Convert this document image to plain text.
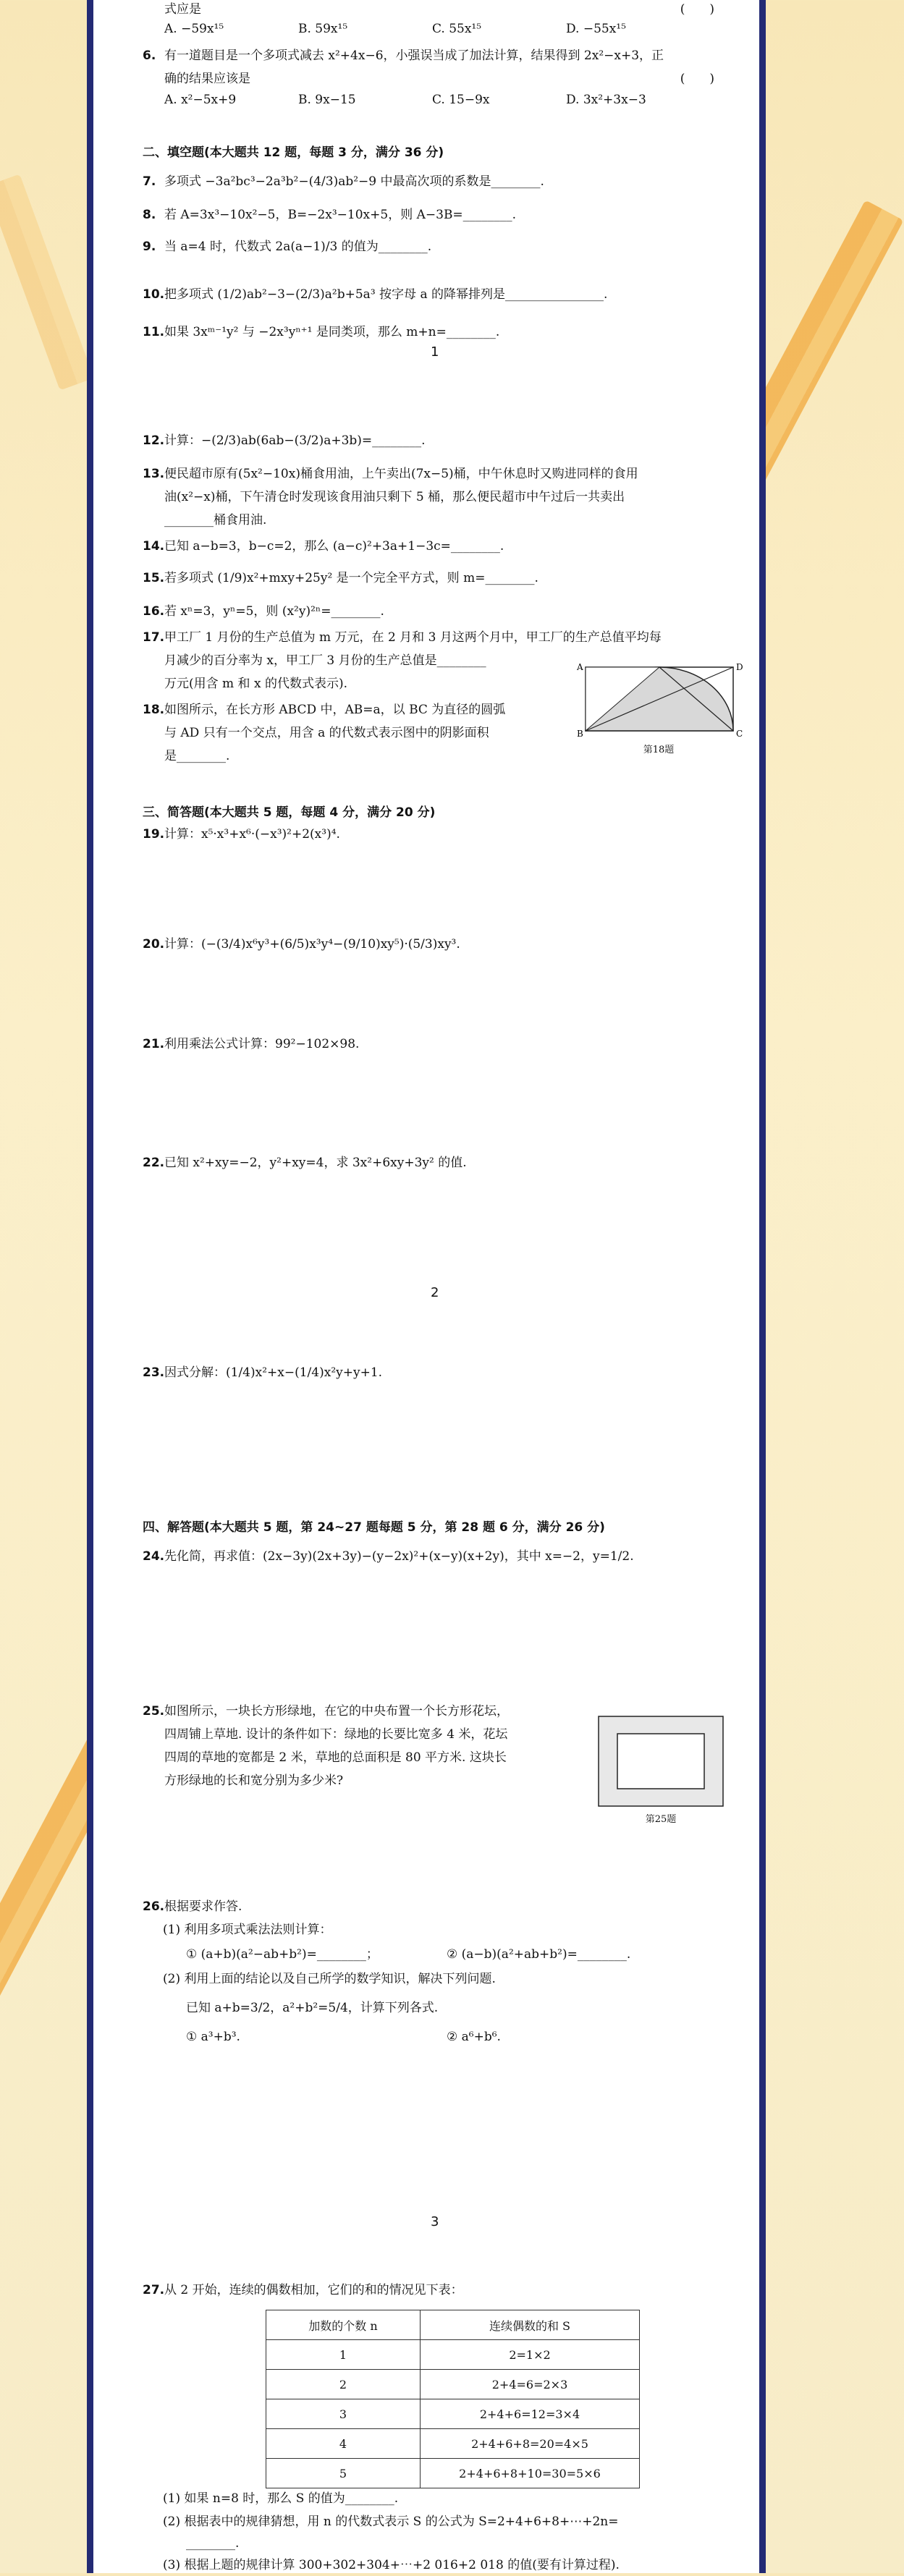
式应是	(　　)
A. −59x¹⁵	B. 59x¹⁵	C. 55x¹⁵	D. −55x¹⁵
6. 有一道题目是一个多项式减去 x²+4x−6，小强误当成了加法计算，结果得到 2x²−x+3，正
确的结果应该是	(　　)
A. x²−5x+9	B. 9x−15	C. 15−9x	D. 3x²+3x−3
二、填空题(本大题共 12 题，每题 3 分，满分 36 分)
7. 多项式 −3a²bc³−2a³b²−(4/3)ab²−9 中最高次项的系数是________.
8. 若 A=3x³−10x²−5，B=−2x³−10x+5，则 A−3B=________.
9. 当 a=4 时，代数式 2a(a−1)/3 的值为________.
10.把多项式 (1/2)ab²−3−(2/3)a²b+5a³ 按字母 a 的降幂排列是________________.
11.如果 3xᵐ⁻¹y² 与 −2x³yⁿ⁺¹ 是同类项，那么 m+n=________.
1
12.计算：−(2/3)ab(6ab−(3/2)a+3b)=________.
13.便民超市原有(5x²−10x)桶食用油，上午卖出(7x−5)桶，中午休息时又购进同样的食用
油(x²−x)桶，下午清仓时发现该食用油只剩下 5 桶，那么便民超市中午过后一共卖出
________桶食用油.
14.已知 a−b=3，b−c=2，那么 (a−c)²+3a+1−3c=________.
15.若多项式 (1/9)x²+mxy+25y² 是一个完全平方式，则 m=________.
16.若 xⁿ=3，yⁿ=5，则 (x²y)²ⁿ=________.
17.甲工厂 1 月份的生产总值为 m 万元，在 2 月和 3 月这两个月中，甲工厂的生产总值平均每
月减少的百分率为 x，甲工厂 3 月份的生产总值是________
万元(用含 m 和 x 的代数式表示).
18.如图所示，在长方形 ABCD 中，AB=a，以 BC 为直径的圆弧
与 AD 只有一个交点，用含 a 的代数式表示图中的阴影面积
是________.
A	D
B	C
第18题
三、简答题(本大题共 5 题，每题 4 分，满分 20 分)
19.计算：x⁵·x³+x⁶·(−x³)²+2(x³)⁴.
20.计算：(−(3/4)x⁶y³+(6/5)x³y⁴−(9/10)xy⁵)·(5/3)xy³.
21.利用乘法公式计算：99²−102×98.
22.已知 x²+xy=−2，y²+xy=4，求 3x²+6xy+3y² 的值.
2
23.因式分解：(1/4)x²+x−(1/4)x²y+y+1.
四、解答题(本大题共 5 题，第 24~27 题每题 5 分，第 28 题 6 分，满分 26 分)
24.先化简，再求值：(2x−3y)(2x+3y)−(y−2x)²+(x−y)(x+2y)，其中 x=−2，y=1/2.
25.如图所示，一块长方形绿地，在它的中央布置一个长方形花坛，
四周铺上草地. 设计的条件如下：绿地的长要比宽多 4 米，花坛
四周的草地的宽都是 2 米，草地的总面积是 80 平方米. 这块长
方形绿地的长和宽分别为多少米?
第25题
26.根据要求作答.
(1) 利用多项式乘法法则计算：
① (a+b)(a²−ab+b²)=________；	② (a−b)(a²+ab+b²)=________.
(2) 利用上面的结论以及自己所学的数学知识，解决下列问题.
已知 a+b=3/2，a²+b²=5/4，计算下列各式.
① a³+b³.	② a⁶+b⁶.
3
27.从 2 开始，连续的偶数相加，它们的和的情况见下表：
加数的个数 n	连续偶数的和 S
1	2=1×2
2	2+4=6=2×3
3	2+4+6=12=3×4
4	2+4+6+8=20=4×5
5	2+4+6+8+10=30=5×6
(1) 如果 n=8 时，那么 S 的值为________.
(2) 根据表中的规律猜想，用 n 的代数式表示 S 的公式为 S=2+4+6+8+⋯+2n=
________.
(3) 根据上题的规律计算 300+302+304+⋯+2 016+2 018 的值(要有计算过程).
